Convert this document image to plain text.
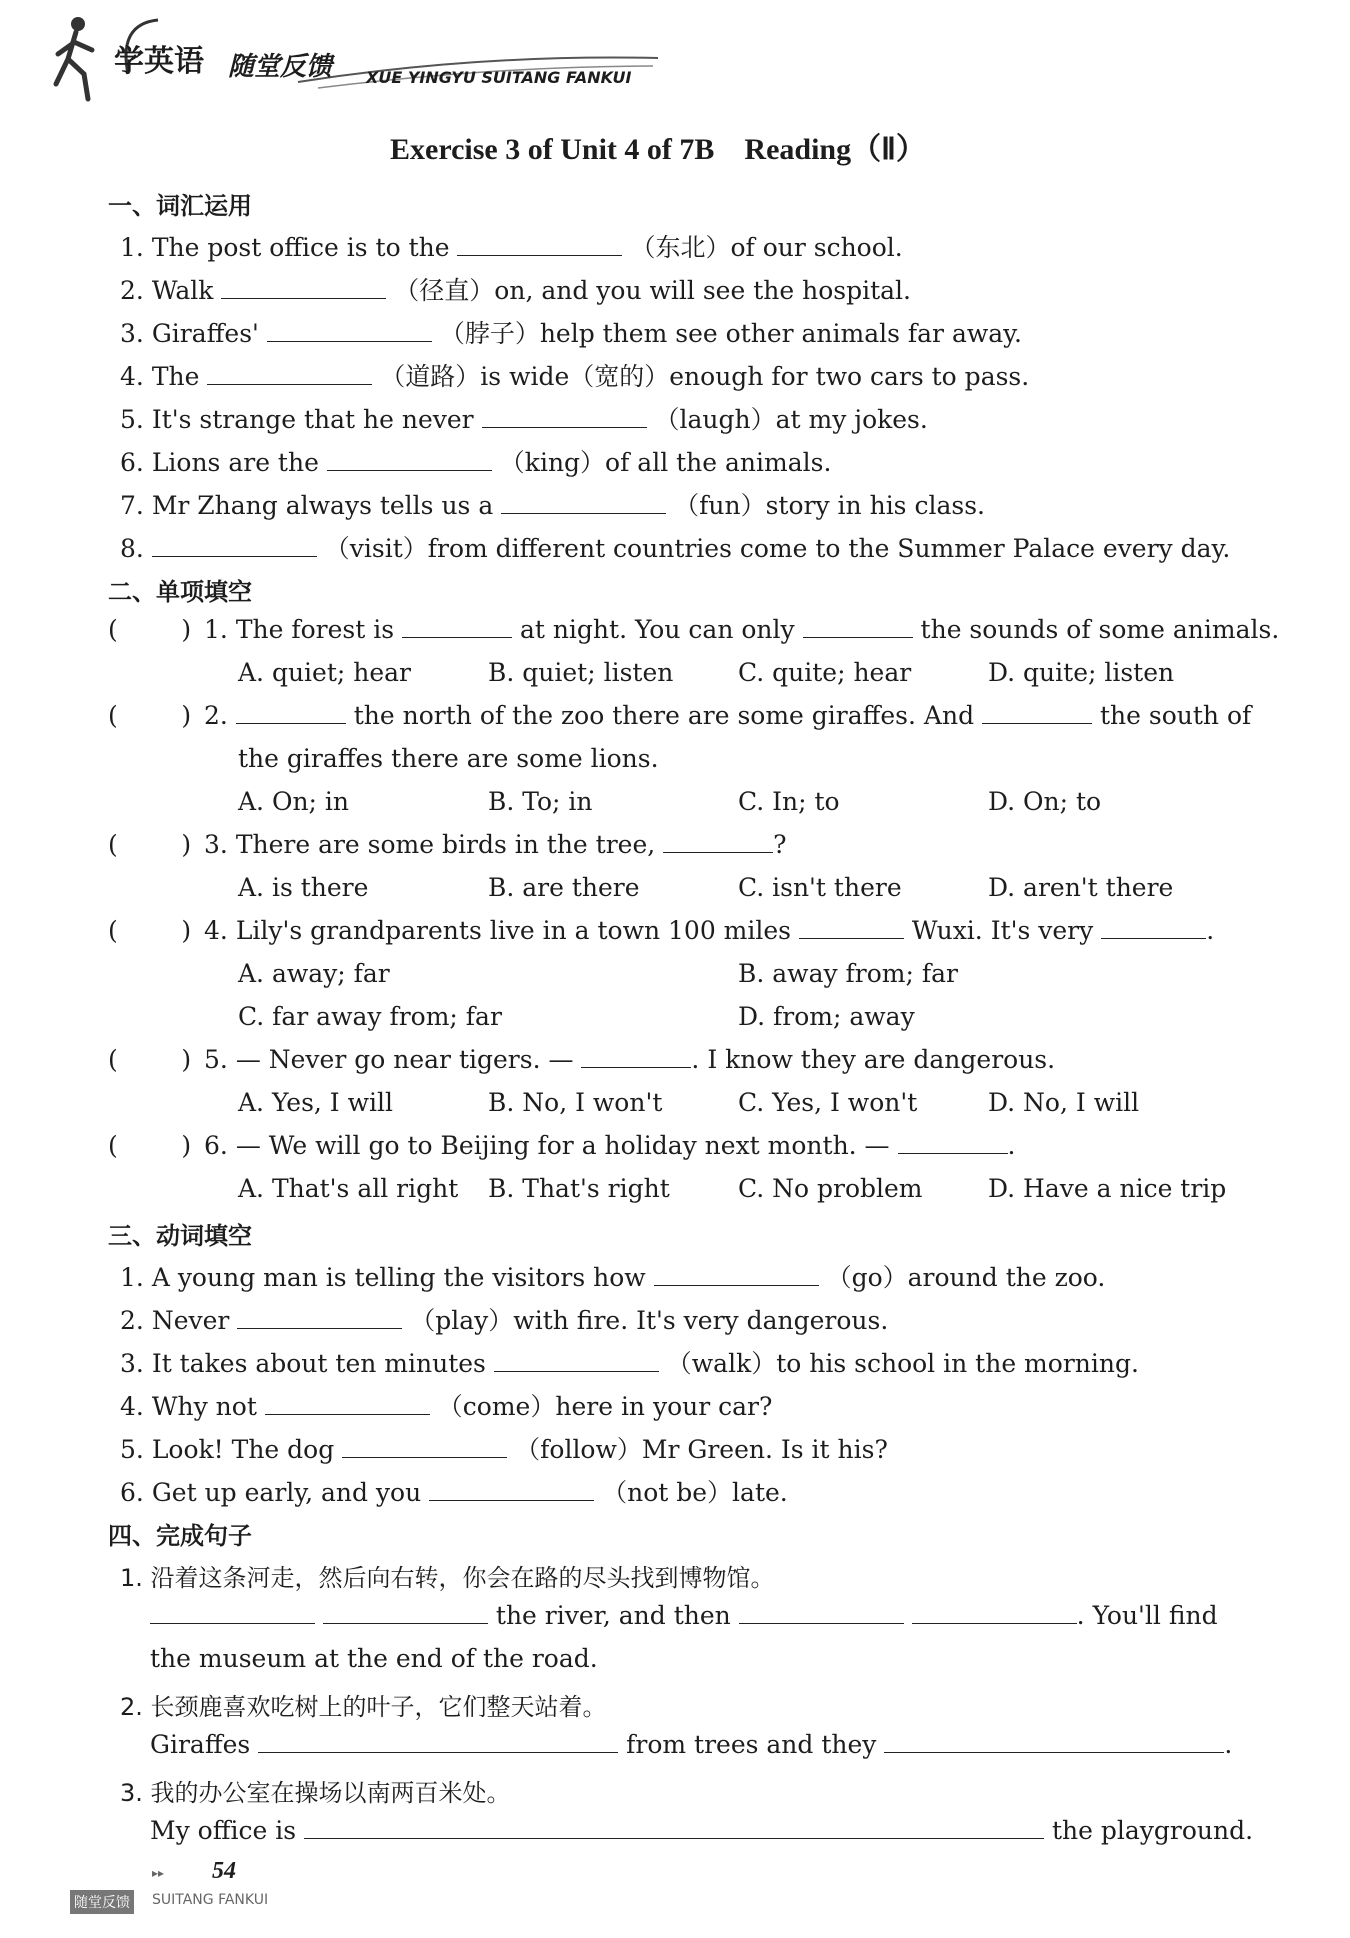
学英语 随堂反馈 XUE YINGYU SUITANG FANKUI
Exercise 3 of Unit 4 of 7B    Reading（Ⅱ）
一、词汇运用
1. The post office is to the	（东北）of our school.
2. Walk	（径直）on, and you will see the hospital.
3. Giraffes'	（脖子）help them see other animals far away.
4. The	（道路）is wide（宽的）enough for two cars to pass.
5. It's strange that he never	（laugh）at my jokes.
6. Lions are the	（king）of all the animals.
7. Mr Zhang always tells us a	（fun）story in his class.
8.	（visit）from different countries come to the Summer Palace every day.
二、单项填空
(        ) 1. The forest is	at night. You can only	the sounds of some animals.
A. quiet; hear	B. quiet; listen	C. quite; hear	D. quite; listen
(        ) 2.	the north of the zoo there are some giraffes. And	the south of
the giraffes there are some lions.
A. On; in	B. To; in	C. In; to	D. On; to
(        ) 3. There are some birds in the tree,	?
A. is there	B. are there	C. isn't there	D. aren't there
(        ) 4. Lily's grandparents live in a town 100 miles	Wuxi. It's very	.
A. away; far	B. away from; far
C. far away from; far	D. from; away
(        ) 5. — Never go near tigers. —	. I know they are dangerous.
A. Yes, I will	B. No, I won't	C. Yes, I won't	D. No, I will
(        ) 6. — We will go to Beijing for a holiday next month. —	.
A. That's all right B. That's right	C. No problem	D. Have a nice trip
三、动词填空
1. A young man is telling the visitors how	（go）around the zoo.
2. Never	（play）with fire. It's very dangerous.
3. It takes about ten minutes	（walk）to his school in the morning.
4. Why not	（come）here in your car?
5. Look! The dog	（follow）Mr Green. Is it his?
6. Get up early, and you	（not be）late.
四、完成句子
1. 沿着这条河走，然后向右转，你会在路的尽头找到博物馆。
the river, and then	. You'll find
the museum at the end of the road.
2. 长颈鹿喜欢吃树上的叶子，它们整天站着。
Giraffes	from trees and they	.
3. 我的办公室在操场以南两百米处。
My office is	the playground.
▸▸ 54
随堂反馈 SUITANG FANKUI
